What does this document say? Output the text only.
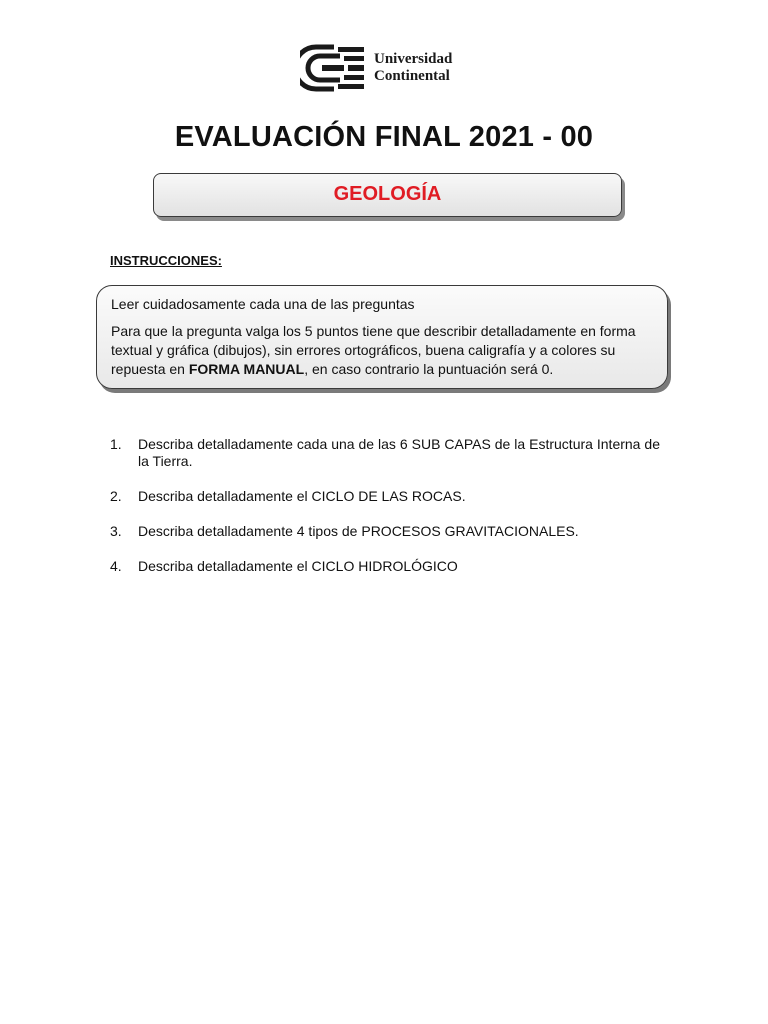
Universidad
Continental
EVALUACIÓN FINAL 2021 - 00
GEOLOGÍA
INSTRUCCIONES:

Leer cuidadosamente cada una de las preguntas

Para que la pregunta valga los 5 puntos tiene que describir detalladamente en forma textual y gráfica (dibujos), sin errores ortográficos, buena caligrafía y a colores su repuesta en FORMA MANUAL, en caso contrario la puntuación será 0.

1.	Describa detalladamente cada una de las 6 SUB CAPAS de la Estructura Interna de la Tierra.
2.	Describa detalladamente el CICLO DE LAS ROCAS.
3.	Describa detalladamente 4 tipos de PROCESOS GRAVITACIONALES.
4.	Describa detalladamente el CICLO HIDROLÓGICO
